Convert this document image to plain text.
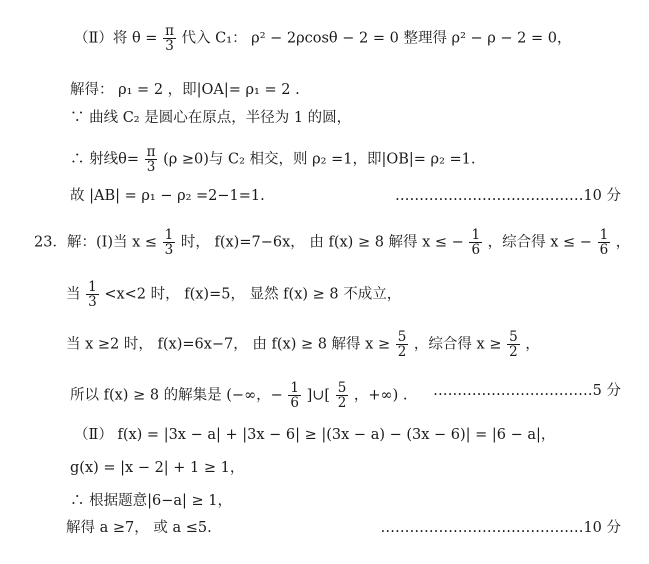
（Ⅱ）将 $\theta = \frac{\pi}{3}$ 代入 C₁： ρ² − 2ρcosθ − 2 = 0 整理得 ρ² − ρ − 2 = 0，
解得： ρ₁ = 2 ，即|OA|= ρ₁ = 2 .
∵ 曲线 C₂ 是圆心在原点，半径为 1 的圆，
∴ 射线$\theta= \frac{\pi}{3} (\rho \ge 0)$与 C₂ 相交，则 ρ₂ =1，即|OB|= ρ₂ =1.
故 |AB| = ρ₁ − ρ₂ =2−1=1.	…………………………………10 分
23．解：(Ⅰ)当 $x \le \frac{1}{3}$ 时， f(x)=7−6x， 由 f(x) ≥ 8 解得 x ≤ − $\frac{1}{6}$ ，综合得 x ≤ − $\frac{1}{6}$ ，
当 $\frac{1}{3} <x<2$ 时， f(x)=5， 显然 f(x) ≥ 8 不成立，
当 x ≥2 时， f(x)=6x−7， 由 f(x) ≥ 8 解得 $x \ge \frac{5}{2}$ ，综合得 $x \ge \frac{5}{2}$ ，
所以 f(x) ≥ 8 的解集是 (−∞，− $\frac{1}{6}$ ]∪[ $\frac{5}{2}$ ，+∞) . ……………………………5 分
（Ⅱ） f(x) = |3x − a| + |3x − 6| ≥ |(3x − a) − (3x − 6)| = |6 − a|，
g(x) = |x − 2| + 1 ≥ 1，
∴ 根据题意|6−a| ≥ 1，
解得 a ≥7， 或 a ≤5.	……………………………………10 分
